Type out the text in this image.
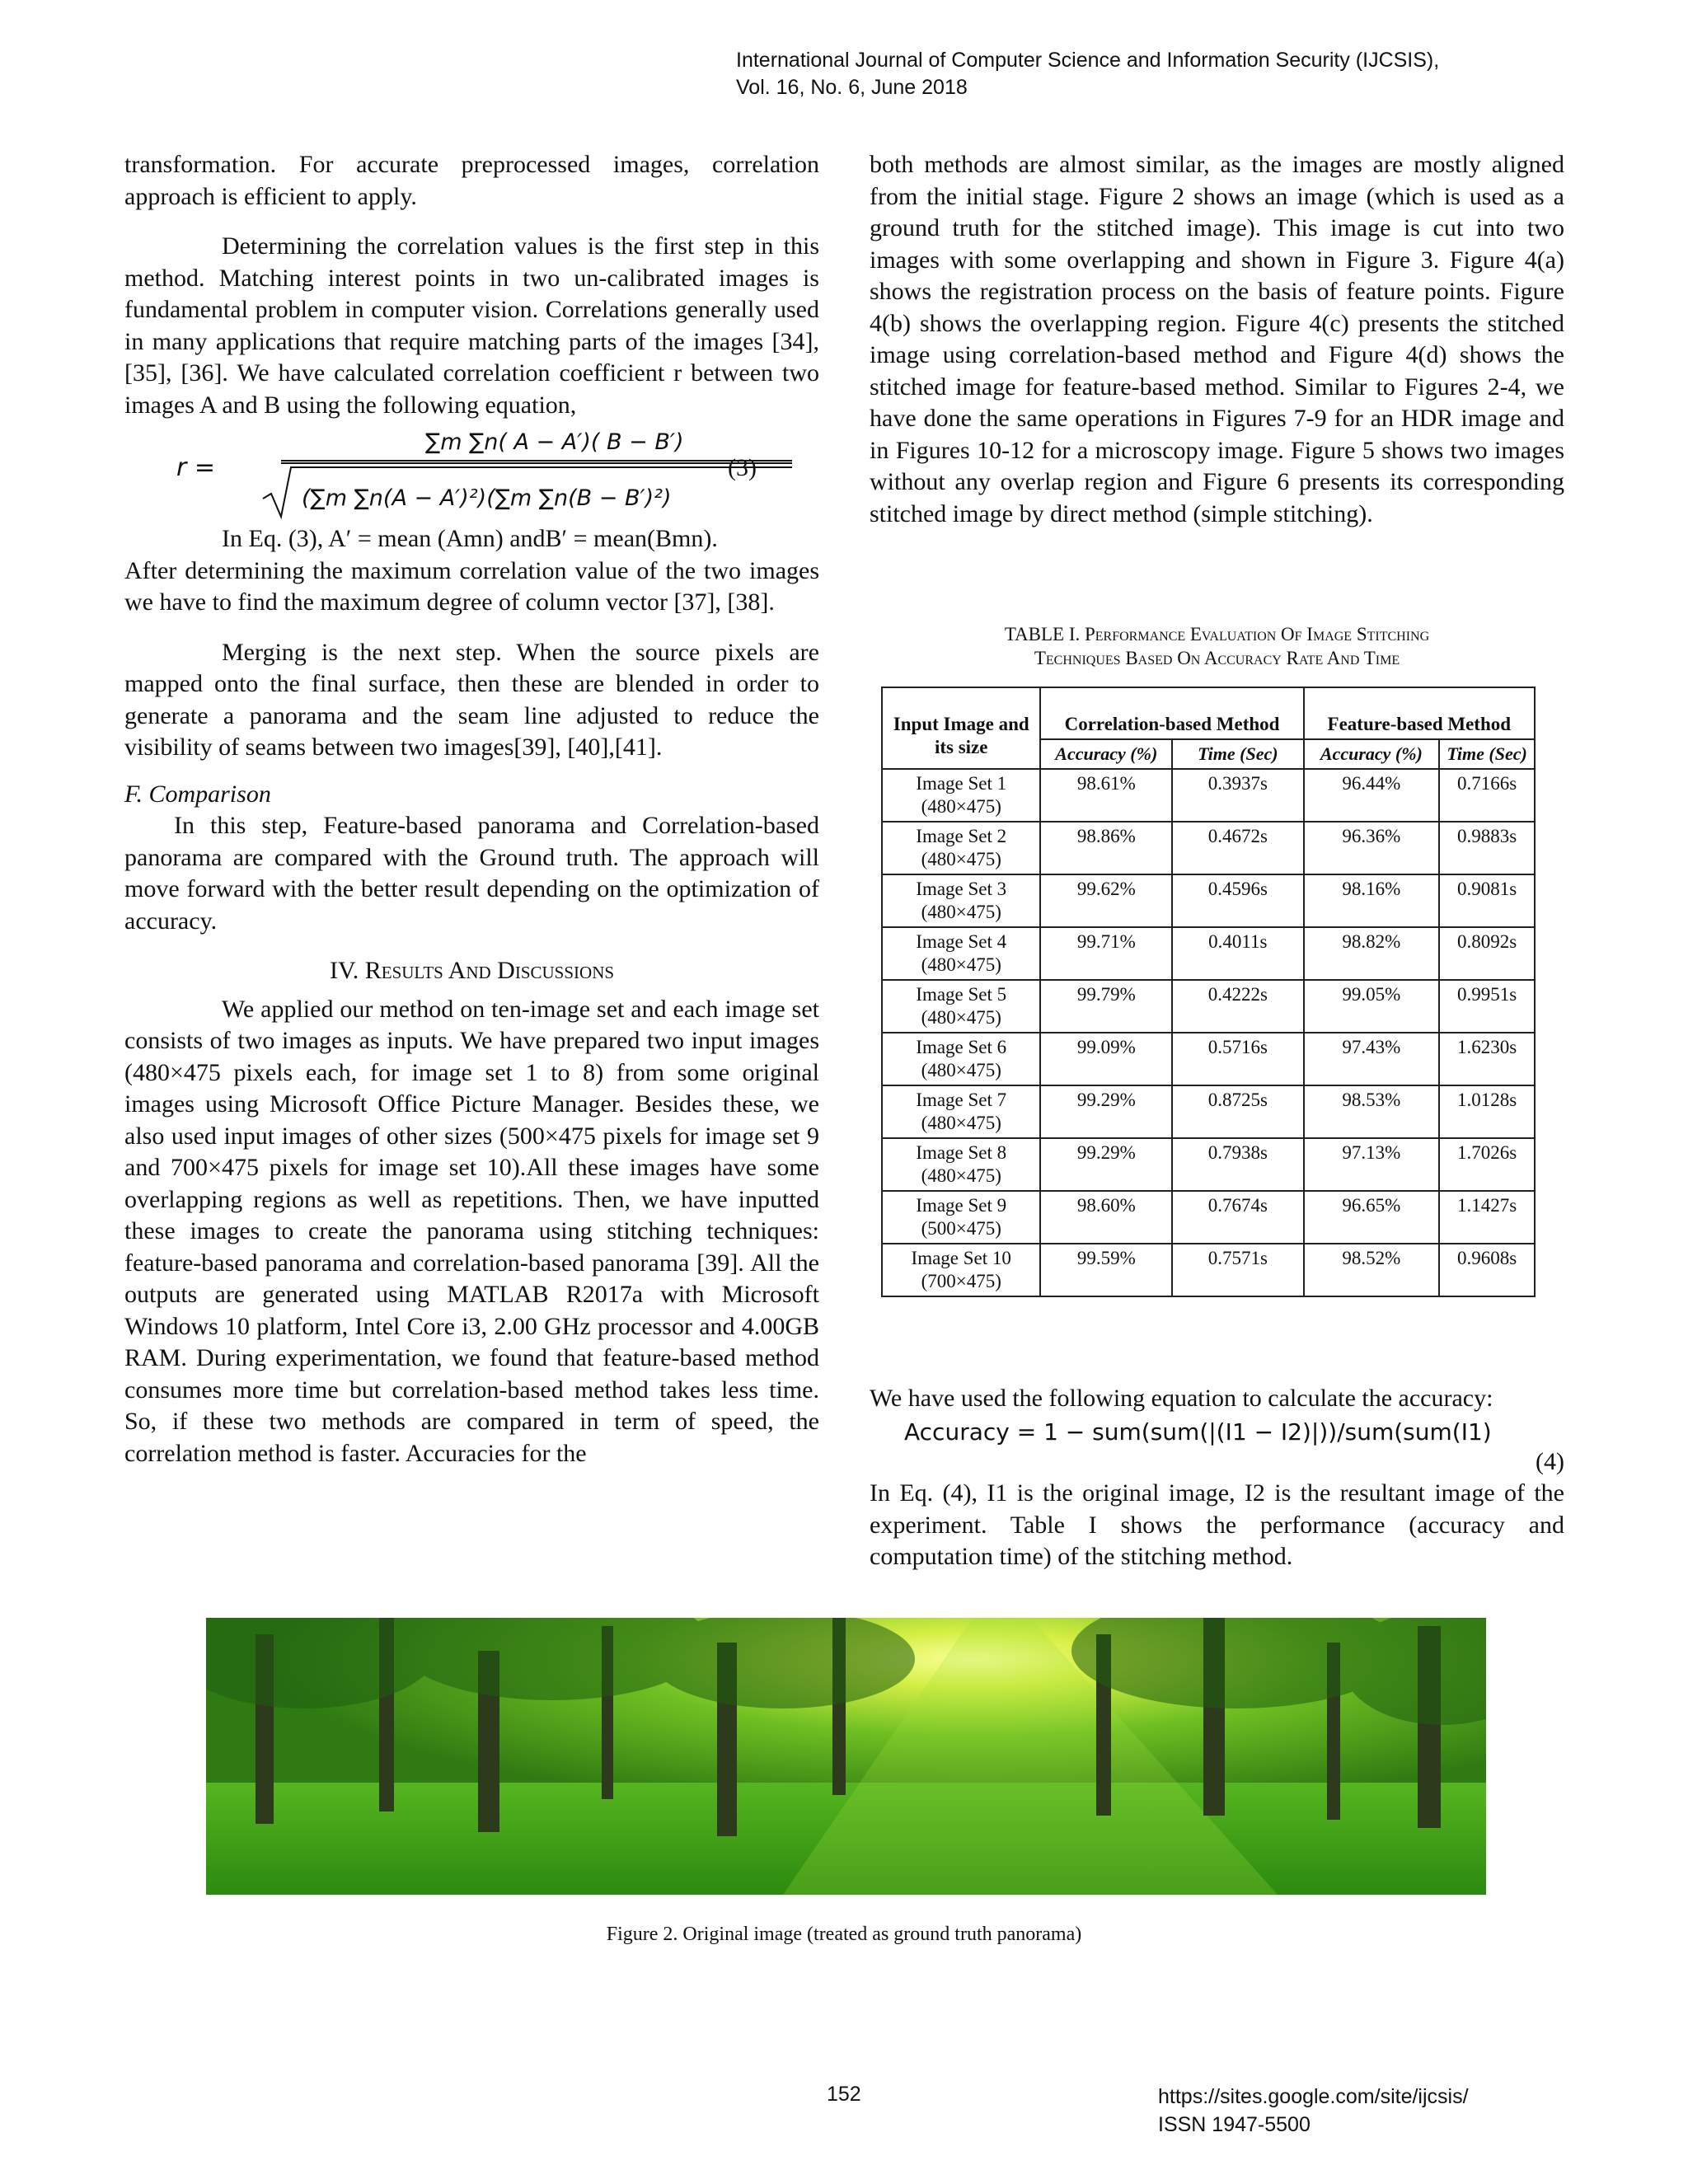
International Journal of Computer Science and Information Security (IJCSIS),
Vol. 16, No. 6, June 2018

transformation. For accurate preprocessed images, correlation approach is efficient to apply.

Determining the correlation values is the first step in this method. Matching interest points in two un-calibrated images is fundamental problem in computer vision. Correlations generally used in many applications that require matching parts of the images [34], [35], [36]. We have calculated correlation coefficient r between two images A and B using the following equation,

r =
∑m ∑n( A − A′)( B − B′)
(∑m ∑n(A − A′)²)(∑m ∑n(B − B′)²)
(3)

In Eq. (3), A′ = mean (Amn) andB′ = mean(Bmn).

After determining the maximum correlation value of the two images we have to find the maximum degree of column vector [37], [38].

Merging is the next step. When the source pixels are mapped onto the final surface, then these are blended in order to generate a panorama and the seam line adjusted to reduce the visibility of seams between two images[39], [40],[41].

F. Comparison

In this step, Feature-based panorama and Correlation-based panorama are compared with the Ground truth. The approach will move forward with the better result depending on the optimization of accuracy.

IV. Results And Discussions

We applied our method on ten-image set and each image set consists of two images as inputs. We have prepared two input images (480×475 pixels each, for image set 1 to 8) from some original images using Microsoft Office Picture Manager. Besides these, we also used input images of other sizes (500×475 pixels for image set 9 and 700×475 pixels for image set 10).All these images have some overlapping regions as well as repetitions. Then, we have inputted these images to create the panorama using stitching techniques: feature-based panorama and correlation-based panorama [39]. All the outputs are generated using MATLAB R2017a with Microsoft Windows 10 platform, Intel Core i3, 2.00 GHz processor and 4.00GB RAM. During experimentation, we found that feature-based method consumes more time but correlation-based method takes less time. So, if these two methods are compared in term of speed, the correlation method is faster. Accuracies for the

both methods are almost similar, as the images are mostly aligned from the initial stage. Figure 2 shows an image (which is used as a ground truth for the stitched image). This image is cut into two images with some overlapping and shown in Figure 3. Figure 4(a) shows the registration process on the basis of feature points. Figure 4(b) shows the overlapping region. Figure 4(c) presents the stitched image using correlation-based method and Figure 4(d) shows the stitched image for feature-based method. Similar to Figures 2-4, we have done the same operations in Figures 7-9 for an HDR image and in Figures 10-12 for a microscopy image. Figure 5 shows two images without any overlap region and Figure 6 presents its corresponding stitched image by direct method (simple stitching).

TABLE I. Performance Evaluation Of Image Stitching
Techniques Based On Accuracy Rate And Time
Input Image and its size	Correlation-based Method		Feature-based Method	
	Accuracy (%)	Time (Sec)	Accuracy (%)	Time (Sec)

Image Set 1
(480×475)	98.61%	0.3937s	96.44%	0.7166s

Image Set 2
(480×475)	98.86%	0.4672s	96.36%	0.9883s

Image Set 3
(480×475)	99.62%	0.4596s	98.16%	0.9081s

Image Set 4
(480×475)	99.71%	0.4011s	98.82%	0.8092s

Image Set 5
(480×475)	99.79%	0.4222s	99.05%	0.9951s

Image Set 6
(480×475)	99.09%	0.5716s	97.43%	1.6230s

Image Set 7
(480×475)	99.29%	0.8725s	98.53%	1.0128s

Image Set 8
(480×475)	99.29%	0.7938s	97.13%	1.7026s

Image Set 9
(500×475)	98.60%	0.7674s	96.65%	1.1427s

Image Set 10
(700×475)	99.59%	0.7571s	98.52%	0.9608s

We have used the following equation to calculate the accuracy:

Accuracy = 1 − sum(sum(|(I1 − I2)|))/sum(sum(I1)
(4)

In Eq. (4), I1 is the original image, I2 is the resultant image of the experiment. Table I shows the performance (accuracy and computation time) of the stitching method.

Figure 2. Original image (treated as ground truth panorama)
152	https://sites.google.com/site/ijcsis/
ISSN 1947-5500
